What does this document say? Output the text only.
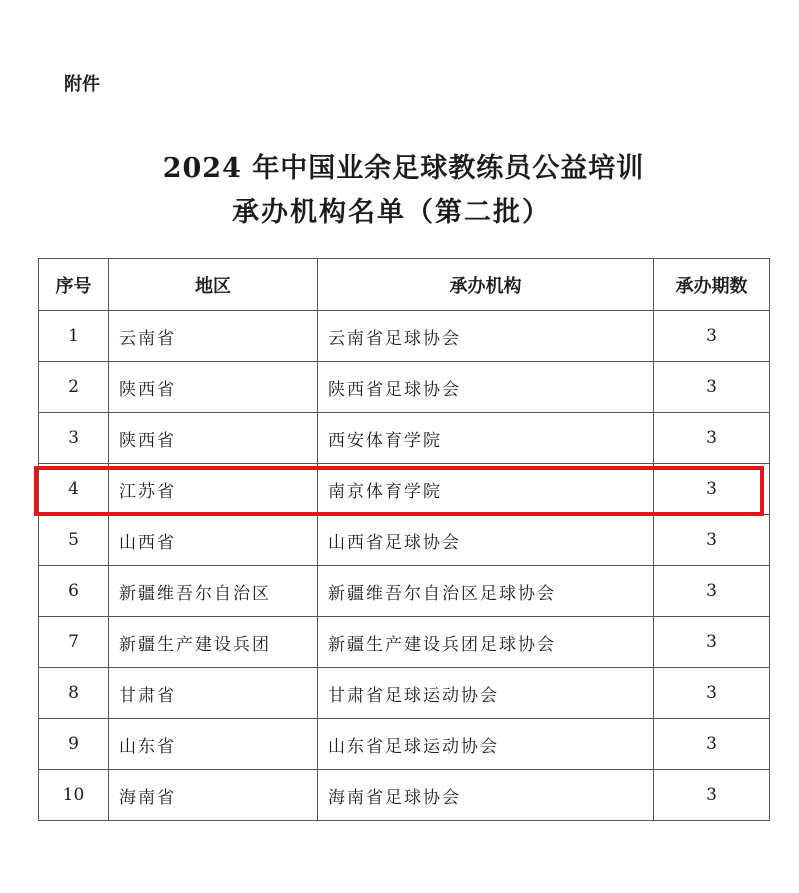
附件
2024 年中国业余足球教练员公益培训
承办机构名单（第二批）
序号	地区	承办机构	承办期数
1	云南省	云南省足球协会	3
2	陕西省	陕西省足球协会	3
3	陕西省	西安体育学院	3
4	江苏省	南京体育学院	3
5	山西省	山西省足球协会	3
6	新疆维吾尔自治区	新疆维吾尔自治区足球协会	3
7	新疆生产建设兵团	新疆生产建设兵团足球协会	3
8	甘肃省	甘肃省足球运动协会	3
9	山东省	山东省足球运动协会	3
10	海南省	海南省足球协会	3
